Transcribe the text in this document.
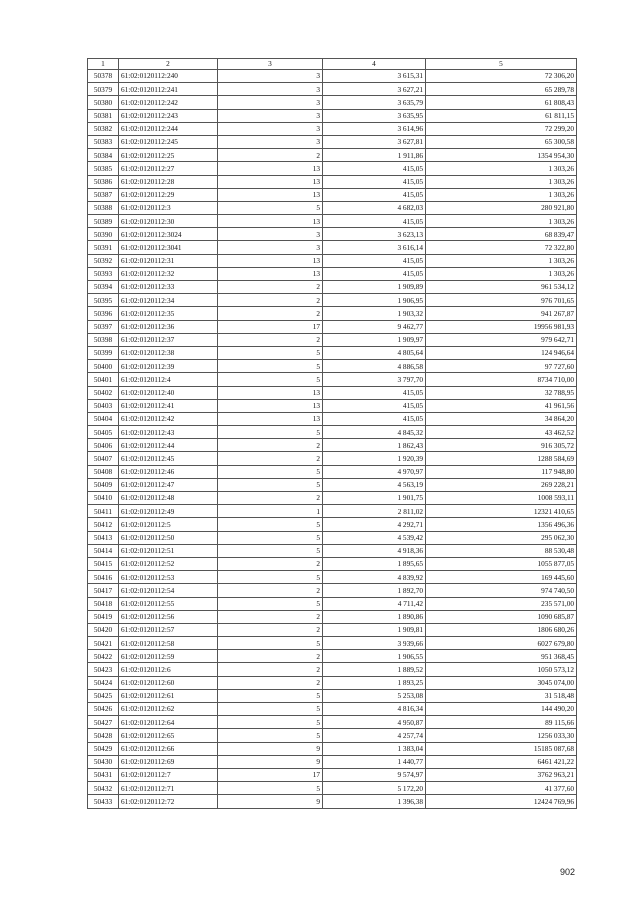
1	2	3	4	5
50378	61:02:0120112:240	3	3 615,31	72 306,20
50379	61:02:0120112:241	3	3 627,21	65 289,78
50380	61:02:0120112:242	3	3 635,79	61 808,43
50381	61:02:0120112:243	3	3 635,95	61 811,15
50382	61:02:0120112:244	3	3 614,96	72 299,20
50383	61:02:0120112:245	3	3 627,81	65 300,58
50384	61:02:0120112:25	2	1 911,86	1354 954,30
50385	61:02:0120112:27	13	415,05	1 303,26
50386	61:02:0120112:28	13	415,05	1 303,26
50387	61:02:0120112:29	13	415,05	1 303,26
50388	61:02:0120112:3	5	4 682,03	280 921,80
50389	61:02:0120112:30	13	415,05	1 303,26
50390	61:02:0120112:3024	3	3 623,13	68 839,47
50391	61:02:0120112:3041	3	3 616,14	72 322,80
50392	61:02:0120112:31	13	415,05	1 303,26
50393	61:02:0120112:32	13	415,05	1 303,26
50394	61:02:0120112:33	2	1 909,89	961 534,12
50395	61:02:0120112:34	2	1 906,95	976 701,65
50396	61:02:0120112:35	2	1 903,32	941 267,87
50397	61:02:0120112:36	17	9 462,77	19956 981,93
50398	61:02:0120112:37	2	1 909,97	979 642,71
50399	61:02:0120112:38	5	4 805,64	124 946,64
50400	61:02:0120112:39	5	4 886,58	97 727,60
50401	61:02:0120112:4	5	3 797,70	8734 710,00
50402	61:02:0120112:40	13	415,05	32 788,95
50403	61:02:0120112:41	13	415,05	41 961,56
50404	61:02:0120112:42	13	415,05	34 864,20
50405	61:02:0120112:43	5	4 845,32	43 462,52
50406	61:02:0120112:44	2	1 862,43	916 305,72
50407	61:02:0120112:45	2	1 920,39	1288 584,69
50408	61:02:0120112:46	5	4 970,97	117 948,80
50409	61:02:0120112:47	5	4 563,19	269 228,21
50410	61:02:0120112:48	2	1 901,75	1008 593,11
50411	61:02:0120112:49	1	2 811,02	12321 410,65
50412	61:02:0120112:5	5	4 292,71	1356 496,36
50413	61:02:0120112:50	5	4 539,42	295 062,30
50414	61:02:0120112:51	5	4 918,36	88 530,48
50415	61:02:0120112:52	2	1 895,65	1055 877,05
50416	61:02:0120112:53	5	4 839,92	169 445,60
50417	61:02:0120112:54	2	1 892,70	974 740,50
50418	61:02:0120112:55	5	4 711,42	235 571,00
50419	61:02:0120112:56	2	1 890,86	1090 685,87
50420	61:02:0120112:57	2	1 909,81	1806 680,26
50421	61:02:0120112:58	5	3 939,66	6027 679,80
50422	61:02:0120112:59	2	1 906,55	951 368,45
50423	61:02:0120112:6	2	1 889,52	1050 573,12
50424	61:02:0120112:60	2	1 893,25	3045 074,00
50425	61:02:0120112:61	5	5 253,08	31 518,48
50426	61:02:0120112:62	5	4 816,34	144 490,20
50427	61:02:0120112:64	5	4 950,87	89 115,66
50428	61:02:0120112:65	5	4 257,74	1256 033,30
50429	61:02:0120112:66	9	1 383,04	15185 087,68
50430	61:02:0120112:69	9	1 440,77	6461 421,22
50431	61:02:0120112:7	17	9 574,97	3762 963,21
50432	61:02:0120112:71	5	5 172,20	41 377,60
50433	61:02:0120112:72	9	1 396,38	12424 769,96
902
